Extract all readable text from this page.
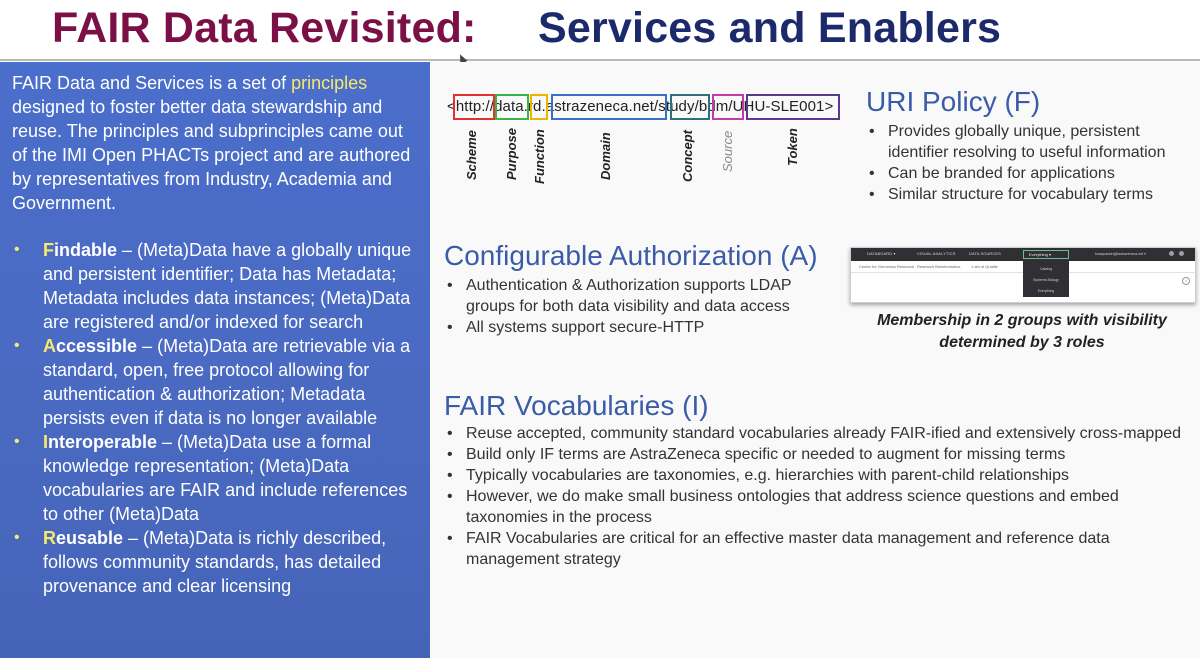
FAIR Data Revisited: Services and Enablers
FAIR Data and Services is a set of principles designed to foster better data stewardship and reuse. The principles and subprinciples came out of the IMI Open PHACTs project and are authored by representatives from Industry, Academia and Government.
• Findable – (Meta)Data have a globally unique and persistent identifier; Data has Metadata; Metadata includes data instances; (Meta)Data are registered and/or indexed for search
• Accessible – (Meta)Data are retrievable via a standard, open, free protocol allowing for authentication & authorization; Metadata persists even if data is no longer available
• Interoperable – (Meta)Data use a formal knowledge representation; (Meta)Data vocabularies are FAIR and include references to other (Meta)Data
• Reusable – (Meta)Data is richly described, follows community standards, has detailed provenance and clear licensing
<http://data.rd.astrazeneca.net/study/bdm/UHU-SLE001>
Scheme Purpose Function	Domain	Concept Source	Token
URI Policy (F)
• Provides globally unique, persistent identifier resolving to useful information
• Can be branded for applications
• Similar structure for vocabulary terms
Configurable Authorization (A)
• Authentication & Authorization supports LDAP groups for both data visibility and data access
• All systems support secure-HTTP
DATABOARD ▾	VISUAL ANALYTICS	DATA SOURCES	bowquackerj@astrazeneca.net ▾
Center for Genomics Research Research Bioinformatics	1 ahi ut Qualite
×
Catalog
Systems Biology
Everything
Everything ▾
Membership in 2 groups with visibility determined by 3 roles
FAIR Vocabularies (I)
• Reuse accepted, community standard vocabularies already FAIR-ified and extensively cross-mapped
• Build only IF terms are AstraZeneca specific or needed to augment for missing terms
• Typically vocabularies are taxonomies, e.g. hierarchies with parent-child relationships
• However, we do make small business ontologies that address science questions and embed taxonomies in the process
• FAIR Vocabularies are critical for an effective master data management and reference data management strategy
